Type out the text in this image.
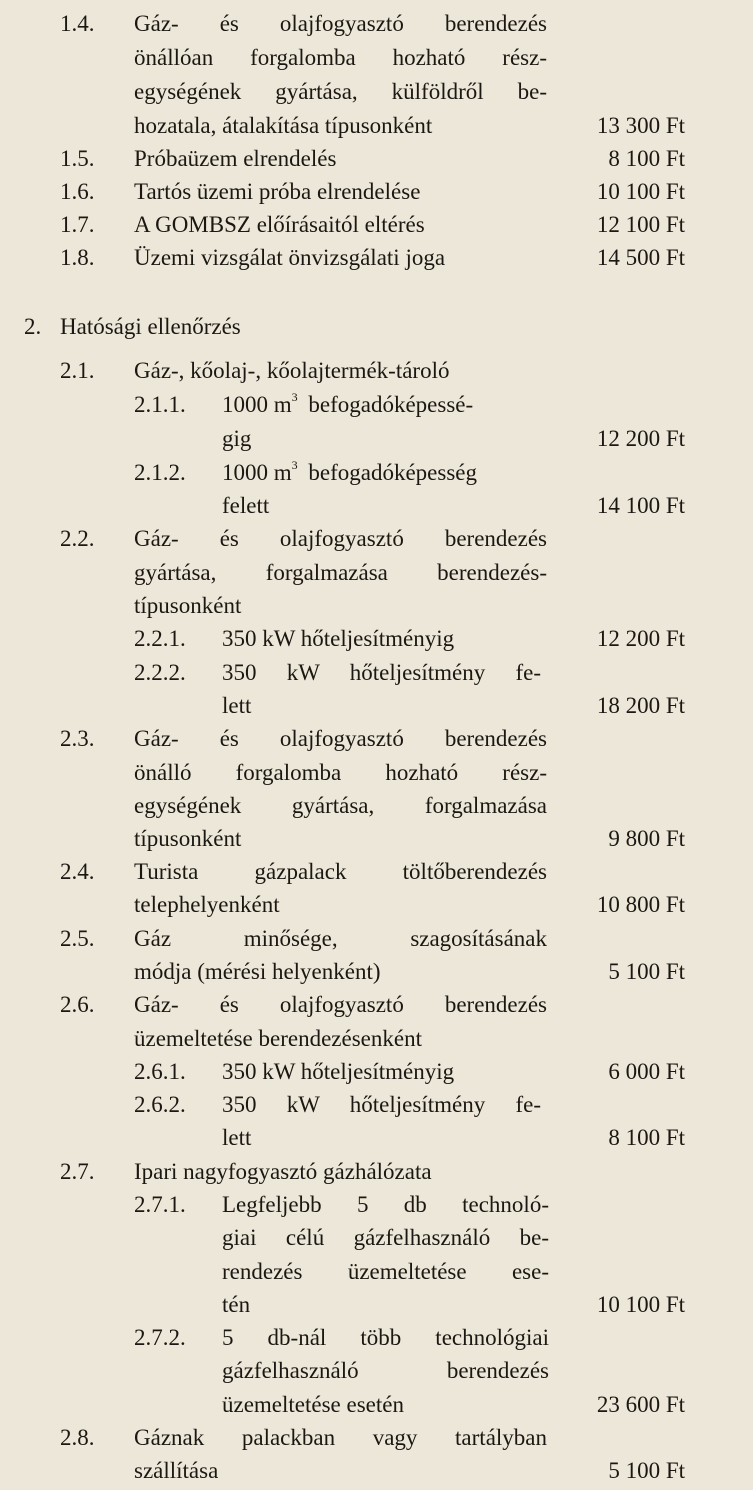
1.4. Gáz- és olajfogyasztó berendezés
önállóan forgalomba hozható rész-
egységének gyártása, külföldről be-
hozatala, átalakítása típusonként	13 300 Ft
1.5. Próbaüzem elrendelés	8 100 Ft
1.6. Tartós üzemi próba elrendelése	10 100 Ft
1.7. A GOMBSZ előírásaitól eltérés	12 100 Ft
1.8. Üzemi vizsgálat önvizsgálati joga	14 500 Ft
2. Hatósági ellenőrzés
2.1. Gáz-, kőolaj-, kőolajtermék-tároló
2.1.1. 1000 $m^3$ befogadóképessé-
gig	12 200 Ft
2.1.2. 1000 $m^3$ befogadóképesség
felett	14 100 Ft
2.2. Gáz- és olajfogyasztó berendezés
gyártása, forgalmazása berendezés-
típusonként
2.2.1. 350 kW hőteljesítményig	12 200 Ft
2.2.2. 350 kW hőteljesítmény fe-
lett	18 200 Ft
2.3. Gáz- és olajfogyasztó berendezés
önálló forgalomba hozható rész-
egységének gyártása, forgalmazása
típusonként	9 800 Ft
2.4. Turista gázpalack töltőberendezés
telephelyenként	10 800 Ft
2.5. Gáz minősége, szagosításának
módja (mérési helyenként)	5 100 Ft
2.6. Gáz- és olajfogyasztó berendezés
üzemeltetése berendezésenként
2.6.1. 350 kW hőteljesítményig	6 000 Ft
2.6.2. 350 kW hőteljesítmény fe-
lett	8 100 Ft
2.7. Ipari nagyfogyasztó gázhálózata
2.7.1. Legfeljebb 5 db technoló-
giai célú gázfelhasználó be-
rendezés üzemeltetése ese-
tén	10 100 Ft
2.7.2. 5 db-nál több technológiai
gázfelhasználó berendezés
üzemeltetése esetén	23 600 Ft
2.8. Gáznak palackban vagy tartályban
szállítása	5 100 Ft
